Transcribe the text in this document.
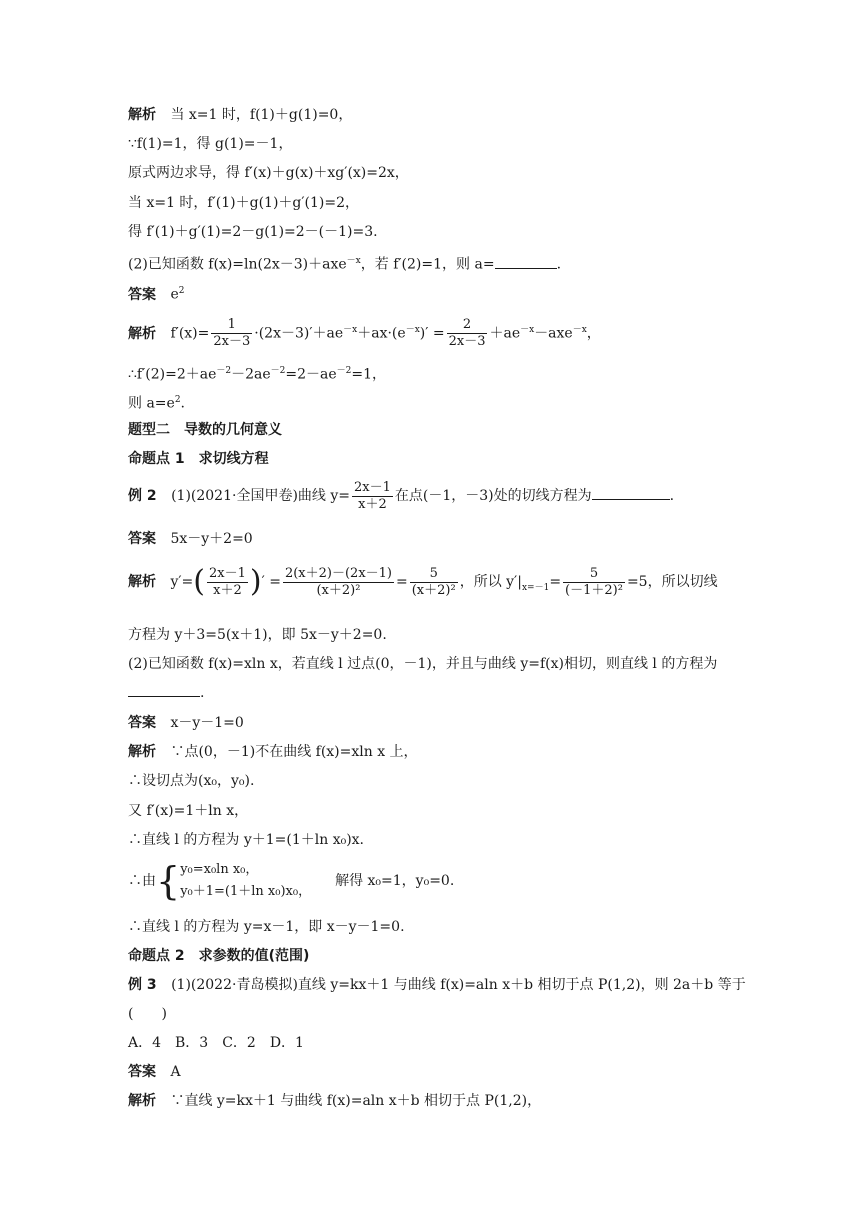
解析 当 x=1 时，f(1)＋g(1)=0，
∵f(1)=1，得 g(1)=－1，
原式两边求导，得 f′(x)＋g(x)＋xg′(x)=2x，
当 x=1 时，f′(1)＋g(1)＋g′(1)=2，
得 f′(1)＋g′(1)=2－g(1)=2－(－1)=3.
(2)已知函数 f(x)=ln(2x－3)＋axe$^{-x}$，若 f′(2)=1，则 a=	.
答案 $e^2$
解析 $f'(x)= \frac{1}{2x-3} \cdot(2x-3)'+ae^{-x}+ax\cdot(e^{-x})' = \frac{2}{2x-3} +ae^{-x}-axe^{-x}$，
$\therefore f'(2)=2+ae^{-2}-2ae^{-2}=2-ae^{-2}=1$，
则 $a=e^2$.
题型二　导数的几何意义
命题点 1　求切线方程
例 2 (1)(2021·全国甲卷)曲线 $y= \frac{2x-1}{x+2}$ 在点(－1，－3)处的切线方程为	.
答案 5x－y＋2=0
解析 $y'=( \frac{2x-1}{x+2}$ )′ = $\frac{2(x+2)-(2x-1)}{\text{(x＋2)²}} = \frac{5}{\text{(x＋2)²}}$ ，所以 $y'|_{x=-1}= \frac{5}{\text{(－1＋2)²}} =5$，所以切线
方程为 y＋3=5(x＋1)，即 5x－y＋2=0.
(2)已知函数 f(x)=xln x，若直线 l 过点(0，－1)，并且与曲线 y=f(x)相切，则直线 l 的方程为
.
答案 x－y－1=0
解析 ∵点(0，－1)不在曲线 f(x)=xln x 上，
∴设切点为(x₀，y₀).
又 f′(x)=1＋ln x，
∴直线 l 的方程为 y＋1=(1＋ln x₀)x.
∴由{ y₀=x₀ln x₀，
y₀＋1=(1＋ln x₀)x₀，
解得 x₀=1，y₀=0.
∴直线 l 的方程为 y=x－1，即 x－y－1=0.
命题点 2　求参数的值(范围)
例 3 (1)(2022·青岛模拟)直线 y=kx＋1 与曲线 f(x)=aln x＋b 相切于点 P(1,2)，则 2a＋b 等于
(　　)
A．4　B．3　C．2　D．1
答案 A
解析 ∵直线 y=kx＋1 与曲线 f(x)=aln x＋b 相切于点 P(1,2)，
